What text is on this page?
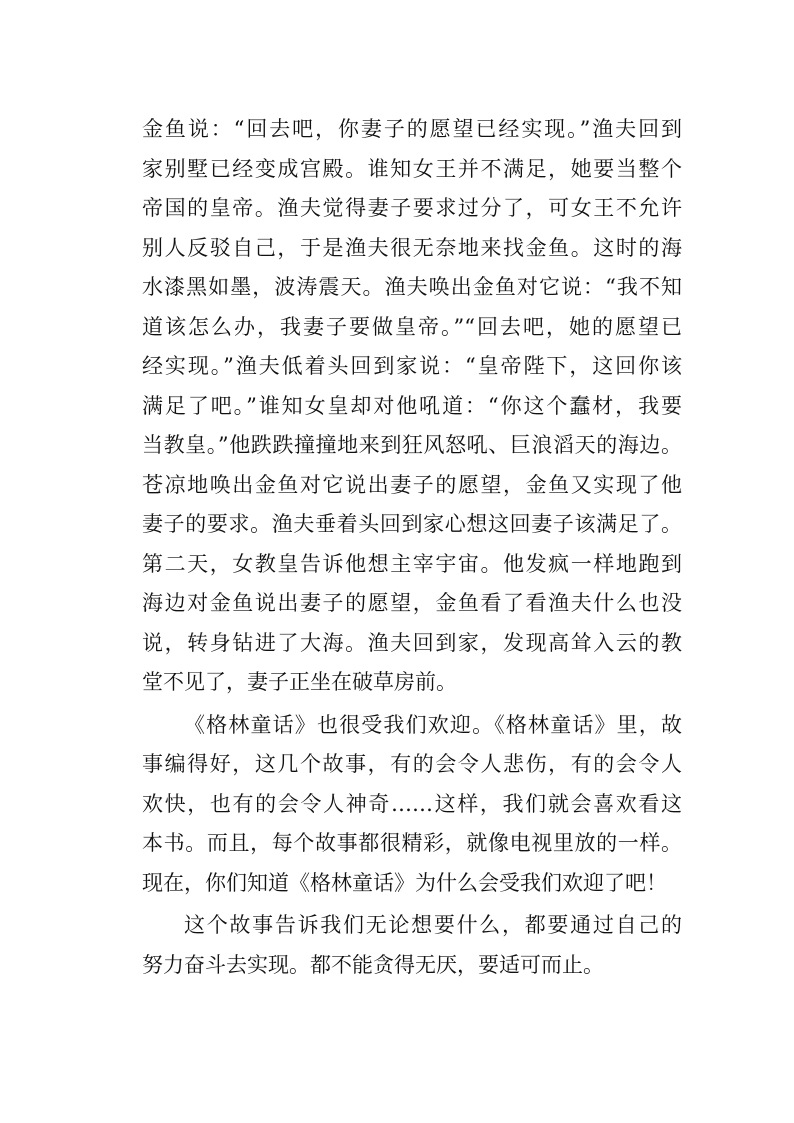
金鱼说：“回去吧，你妻子的愿望已经实现。”渔夫回到
家别墅已经变成宫殿。谁知女王并不满足，她要当整个
帝国的皇帝。渔夫觉得妻子要求过分了，可女王不允许
别人反驳自己，于是渔夫很无奈地来找金鱼。这时的海
水漆黑如墨，波涛震天。渔夫唤出金鱼对它说：“我不知
道该怎么办，我妻子要做皇帝。”“回去吧，她的愿望已
经实现。”渔夫低着头回到家说：“皇帝陛下，这回你该
满足了吧。”谁知女皇却对他吼道：“你这个蠢材，我要
当教皇。”他跌跌撞撞地来到狂风怒吼、巨浪滔天的海边。
苍凉地唤出金鱼对它说出妻子的愿望，金鱼又实现了他
妻子的要求。渔夫垂着头回到家心想这回妻子该满足了。
第二天，女教皇告诉他想主宰宇宙。他发疯一样地跑到
海边对金鱼说出妻子的愿望，金鱼看了看渔夫什么也没
说，转身钻进了大海。渔夫回到家，发现高耸入云的教
堂不见了，妻子正坐在破草房前。
《格林童话》也很受我们欢迎。《格林童话》里，故
事编得好，这几个故事，有的会令人悲伤，有的会令人
欢快，也有的会令人神奇……这样，我们就会喜欢看这
本书。而且，每个故事都很精彩，就像电视里放的一样。
现在，你们知道《格林童话》为什么会受我们欢迎了吧！
这个故事告诉我们无论想要什么，都要通过自己的
努力奋斗去实现。都不能贪得无厌，要适可而止。
